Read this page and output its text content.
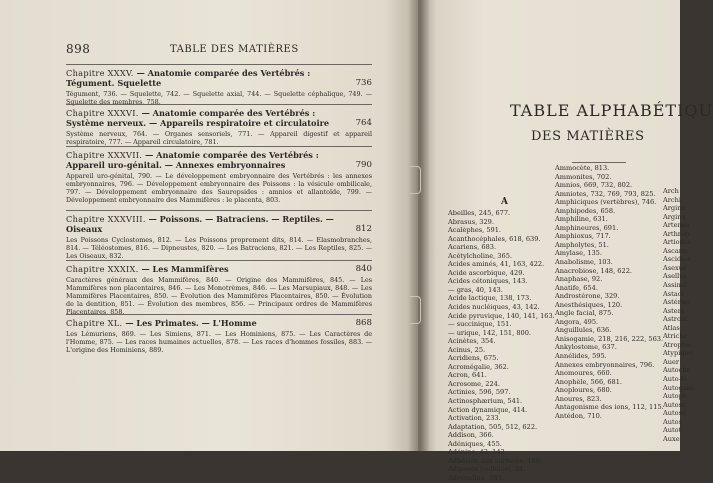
898	TABLE DES MATIÈRES
Chapitre XXXV. — Anatomie comparée des Vertébrés : Tégument. Squelette	736
Tégument, 736. — Squelette, 742. — Squelette axial, 744. — Squelette céphalique, 749. — Squelette des membres, 758.
Chapitre XXXVI. — Anatomie comparée des Vertébrés : Système nerveux. — Appareils respiratoire et circulatoire	764
Système nerveux, 764. — Organes sensoriels, 771. — Appareil digestif et appareil respiratoire, 777. — Appareil circulatoire, 781.
Chapitre XXXVII. — Anatomie comparée des Vertébrés : Appareil uro-génital. — Annexes embryonnaires	790
Appareil uro-génital, 790. — Le développement embryonnaire des Vertébrés : les annexes embryonnaires, 796. — Développement embryonnaire des Poissons : la vésicule ombilicale, 797. — Développement embryonnaire des Sauropsides : amnios et allantoïde, 799. — Développement embryonnaire des Mammifères : le placenta, 803.
Chapitre XXXVIII. — Poissons. — Batraciens. — Reptiles. — Oiseaux	812
Les Poissons Cyclostomes, 812. — Les Poissons proprement dits, 814. — Elasmobranches, 814. — Téléostomes, 816. — Dipneustes, 820. — Les Batraciens, 821. — Les Reptiles, 825. — Les Oiseaux, 832.
Chapitre XXXIX. — Les Mammifères	840
Caractères généraux des Mammifères, 840. — Origine des Mammifères, 845. — Les Mammifères non placentaires, 846. — Les Monotrèmes, 846. — Les Marsupiaux, 848. — Les Mammifères Placentaires, 850. — Évolution des Mammifères Placentaires, 850. — Évolution de la dentition, 851. — Évolution des membres, 856. — Principaux ordres de Mammifères Placentaires, 858.
Chapitre XL. — Les Primates. — L'Homme	868
Les Lémuriens, 869. — Les Simiens, 871. — Les Hominiens, 875. — Les Caractères de l'Homme, 875. — Les races humaines actuelles, 878. — Les races d'hommes fossiles, 883. — L'origine des Hominiens, 889.
TABLE ALPHABÉTIQU
DES MATIÈRES
A
Abeilles, 245, 677.
Abrasus, 329.
Acalèphes, 591.
Acanthocéphales, 618, 639.
Acariens, 683.
Acétylcholine, 365.
Acides aminés, 41, 163, 422.
Acide ascorbique, 429.
Acides cétoniques, 143.
— gras, 40, 143.
Acide lactique, 138, 173.
Acides nucléiques, 43, 142.
Acide pyruvique, 140, 141, 163.
— succinique, 151.
— urique, 142, 151, 800.
Acinètes, 354.
Acinus, 25.
Acridiens, 675.
Acromégalie, 362.
Acron, 641.
Acrosome, 224.
Actinies, 596, 597.
Actinosphærium, 541.
Action dynamique, 414.
Activation, 233.
Adaptation, 505, 512, 622.
Addison, 366.
Adéniques, 455.
Adénine, 43, 142.
Adhésion aux surfaces, 189.
Adiposes (cellules), 24.
Adrénaline, 363.
Ammocète, 813.
Ammonites, 702.
Amnios, 669, 732, 802.
Amniotes, 732, 769, 793, 825.
Amphiciques (vertèbres), 746.
Amphipodes, 658.
Amphiline, 631.
Amphineures, 691.
Amphioxus, 717.
Ampholytes, 51.
Amylase, 135.
Anabolisme, 103.
Anacrobiose, 148, 622.
Anaphase, 92.
Anatife, 654.
Androstérone, 329.
Anesthésiques, 120.
Angle facial, 875.
Angora, 495.
Anguillules, 636.
Anisogamie, 218, 216, 222, 563.
Ankylostome, 637.
Annélides, 595.
Annexes embryonnaires, 796.
Anomoures, 660.
Anophèle, 566, 681.
Anoploures, 680.
Anoures, 823.
Antagonisme des ions, 112, 115.
Antédon, 710.
Arch
Archi
Argina
Argina
Artemia
Arthrop
Artiodac
Ascaris
Ascidies
Asexué
Asellus
Assimil
Astaci
Astéries
Asters
Astrosc
Atlas
Atriche
Atropine
Atypique
Auer
Autochr
Auto-fé
Autogam
Autoph
Autosc
Autoso
Autos
Autot
Auxe
